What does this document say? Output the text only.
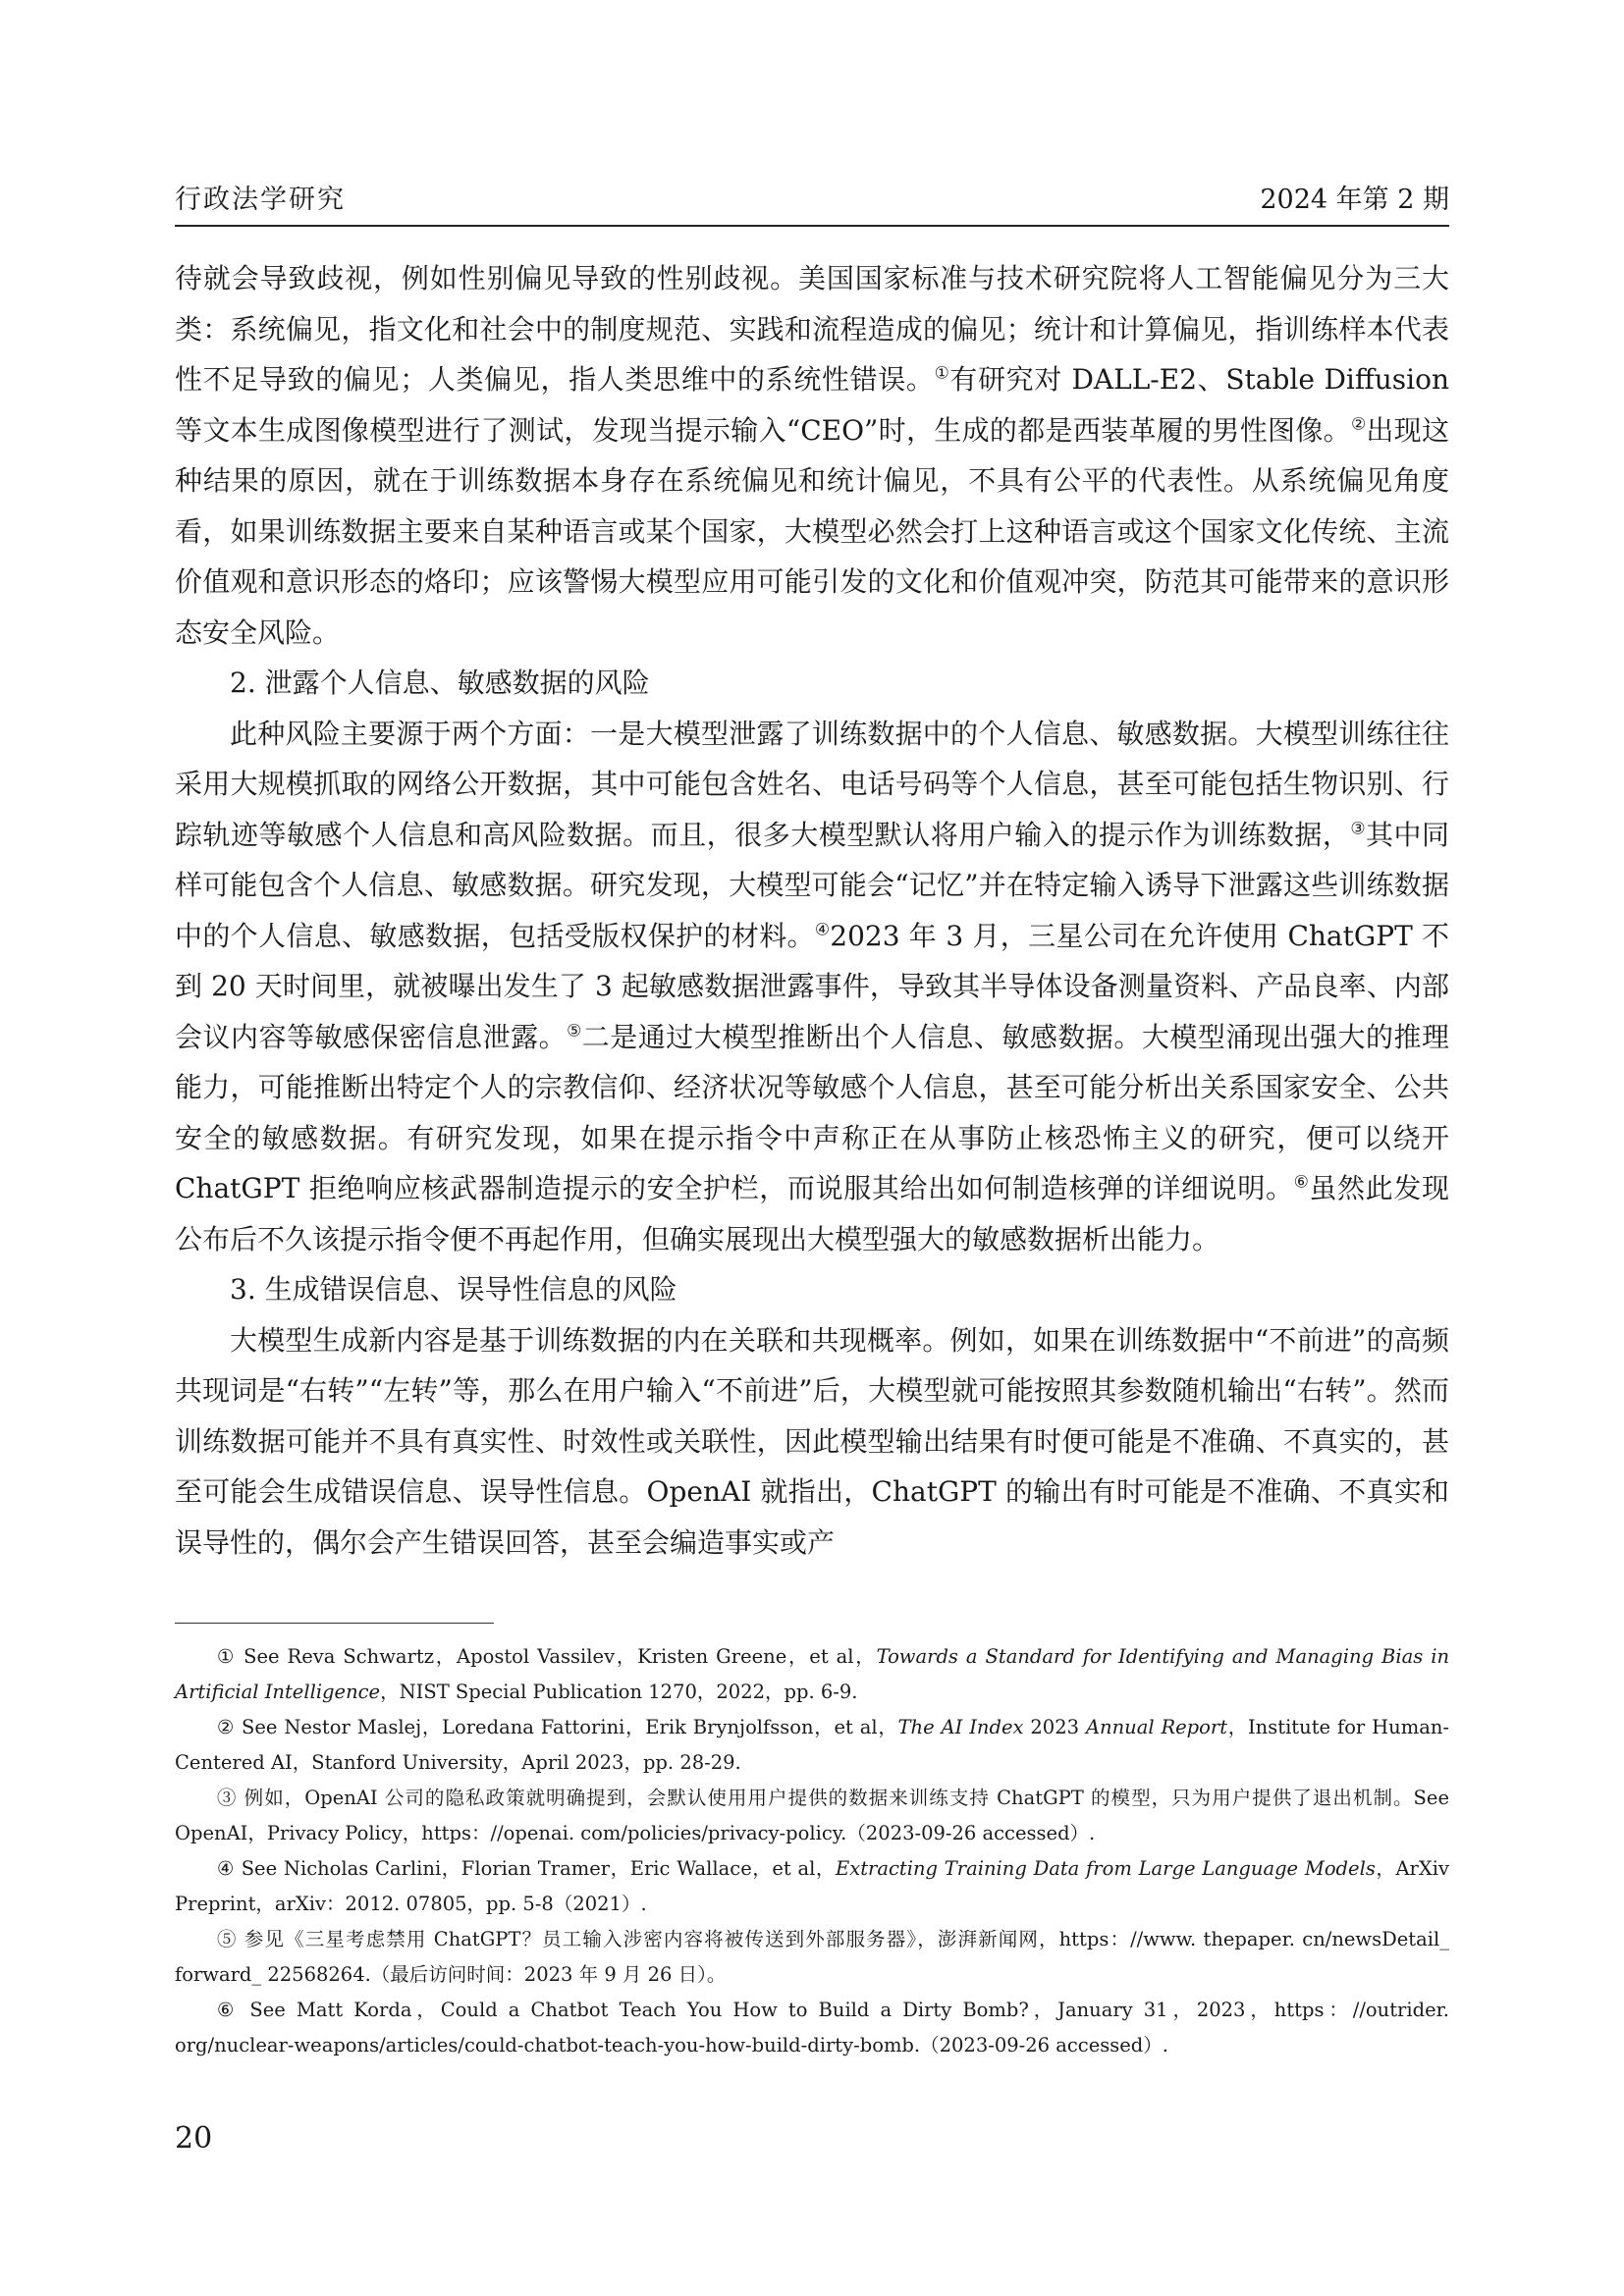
行政法学研究	2024 年第 2 期

待就会导致歧视，例如性别偏见导致的性别歧视。美国国家标准与技术研究院将人工智能偏见分为三大类：系统偏见，指文化和社会中的制度规范、实践和流程造成的偏见；统计和计算偏见，指训练样本代表性不足导致的偏见；人类偏见，指人类思维中的系统性错误。①有研究对 DALL-E2、Stable Diffusion 等文本生成图像模型进行了测试，发现当提示输入“CEO”时，生成的都是西装革履的男性图像。②出现这种结果的原因，就在于训练数据本身存在系统偏见和统计偏见，不具有公平的代表性。从系统偏见角度看，如果训练数据主要来自某种语言或某个国家，大模型必然会打上这种语言或这个国家文化传统、主流价值观和意识形态的烙印；应该警惕大模型应用可能引发的文化和价值观冲突，防范其可能带来的意识形态安全风险。

2. 泄露个人信息、敏感数据的风险

此种风险主要源于两个方面：一是大模型泄露了训练数据中的个人信息、敏感数据。大模型训练往往采用大规模抓取的网络公开数据，其中可能包含姓名、电话号码等个人信息，甚至可能包括生物识别、行踪轨迹等敏感个人信息和高风险数据。而且，很多大模型默认将用户输入的提示作为训练数据，③其中同样可能包含个人信息、敏感数据。研究发现，大模型可能会“记忆”并在特定输入诱导下泄露这些训练数据中的个人信息、敏感数据，包括受版权保护的材料。④2023 年 3 月，三星公司在允许使用 ChatGPT 不到 20 天时间里，就被曝出发生了 3 起敏感数据泄露事件，导致其半导体设备测量资料、产品良率、内部会议内容等敏感保密信息泄露。⑤二是通过大模型推断出个人信息、敏感数据。大模型涌现出强大的推理能力，可能推断出特定个人的宗教信仰、经济状况等敏感个人信息，甚至可能分析出关系国家安全、公共安全的敏感数据。有研究发现，如果在提示指令中声称正在从事防止核恐怖主义的研究，便可以绕开 ChatGPT 拒绝响应核武器制造提示的安全护栏，而说服其给出如何制造核弹的详细说明。⑥虽然此发现公布后不久该提示指令便不再起作用，但确实展现出大模型强大的敏感数据析出能力。

3. 生成错误信息、误导性信息的风险

大模型生成新内容是基于训练数据的内在关联和共现概率。例如，如果在训练数据中“不前进”的高频共现词是“右转”“左转”等，那么在用户输入“不前进”后，大模型就可能按照其参数随机输出“右转”。然而训练数据可能并不具有真实性、时效性或关联性，因此模型输出结果有时便可能是不准确、不真实的，甚至可能会生成错误信息、误导性信息。OpenAI 就指出，ChatGPT 的输出有时可能是不准确、不真实和误导性的，偶尔会产生错误回答，甚至会编造事实或产

① See Reva Schwartz，Apostol Vassilev，Kristen Greene，et al，Towards a Standard for Identifying and Managing Bias in Artificial Intelligence，NIST Special Publication 1270，2022，pp. 6-9.

② See Nestor Maslej，Loredana Fattorini，Erik Brynjolfsson，et al，The AI Index 2023 Annual Report，Institute for Human-Centered AI，Stanford University，April 2023，pp. 28-29.

③ 例如，OpenAI 公司的隐私政策就明确提到，会默认使用用户提供的数据来训练支持 ChatGPT 的模型，只为用户提供了退出机制。See OpenAI，Privacy Policy，https：//openai. com/policies/privacy-policy.（2023-09-26 accessed）.

④ See Nicholas Carlini，Florian Tramer，Eric Wallace，et al，Extracting Training Data from Large Language Models，ArXiv Preprint，arXiv：2012. 07805，pp. 5-8（2021）.

⑤ 参见《三星考虑禁用 ChatGPT？员工输入涉密内容将被传送到外部服务器》，澎湃新闻网，https：//www. thepaper. cn/newsDetail_ forward_ 22568264.（最后访问时间：2023 年 9 月 26 日）。

⑥ See Matt Korda，Could a Chatbot Teach You How to Build a Dirty Bomb?，January 31，2023，https：//outrider. org/nuclear-weapons/articles/could-chatbot-teach-you-how-build-dirty-bomb.（2023-09-26 accessed）.

20
